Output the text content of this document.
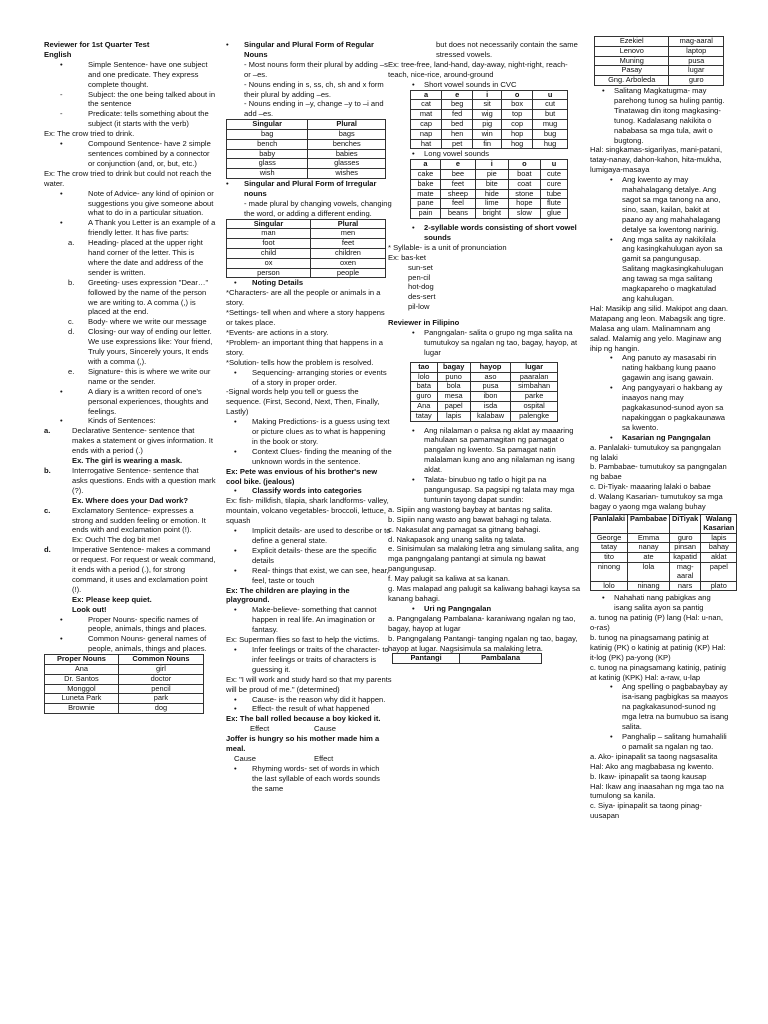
Reviewer for 1st Quarter Test

English

•	Simple Sentence- have one subject and one predicate. They express complete thought.
-	Subject: the one being talked about in the sentence
-	Predicate: tells something about the subject (it starts with the verb)

Ex: The crow tried to drink.

•	Compound Sentence- have 2 simple sentences combined by a connector or conjunction (and, or, but, etc.)

Ex: The crow tried to drink but could not reach the water.

•	Note of Advice- any kind of opinion or suggestions you give someone about what to do in a particular situation.
•	A Thank you Letter is an example of a friendly letter. It has five parts:
a.	Heading- placed at the upper right hand corner of the letter. This is where the date and address of the sender is written.
b.	Greeting- uses expression "Dear…" followed by the name of the person we are writing to. A comma (,) is placed at the end.
c.	Body- where we write our message
d.	Closing- our way of ending our letter. We use expressions like: Your friend, Truly yours, Sincerely yours, It ends with a comma (,).
e.	Signature- this is where we write our name or the sender.
•	A diary is a written record of one's personal experiences, thoughts and feelings.
•	Kinds of Sentences:
a.	Declarative Sentence- sentence that makes a statement or gives information. It ends with a period (.)

Ex. The girl is wearing a mask.

b.	Interrogative Sentence- sentence that asks questions. Ends with a question mark (?).

Ex. Where does your Dad work?

c.	Exclamatory Sentence- expresses a strong and sudden feeling or emotion. It ends with and exclamation point (!).

Ex: Ouch! The dog bit me!

d.	Imperative Sentence- makes a command or request. For request or weak command, it ends with a period (.), for strong command, it uses and exclamation point (!).

Ex: Please keep quiet.

Look out!

•	Proper Nouns- specific names of people, animals, things and places.
•	Common Nouns- general names of people, animals, things and places.
Proper Nouns	Common Nouns
Ana	girl
Dr. Santos	doctor
Monggol	pencil
Luneta Park	park
Brownie	dog
•	Singular and Plural Form of Regular Nouns

- Most nouns form their plural by adding –s or –es.

- Nouns ending in s, ss, ch, sh and x form their plural by adding –es.

- Nouns ending in –y, change –y to –i and add –es.

Singular	Plural
bag	bags
bench	benches
baby	babies
glass	glasses
wish	wishes
•	Singular and Plural Form of Irregular nouns

- made plural by changing vowels, changing the word, or adding a different ending.

Singular	Plural
man	men
foot	feet
child	children
ox	oxen
person	people
•	Noting Details

*Characters- are all the people or animals in a story.

*Settings- tell when and where a story happens or takes place.

*Events- are actions in a story.

*Problem- an important thing that happens in a story.

*Solution- tells how the problem is resolved.

•	Sequencing- arranging stories or events of a story in proper order.

-Signal words help you tell or guess the sequence. (First, Second, Next, Then, Finally, Lastly)

•	Making Predictions- is a guess using text or picture clues as to what is happening in the book or story.
•	Context Clues- finding the meaning of the unknown words in the sentence.

Ex: Pete was envious of his brother's new cool bike. (jealous)

•	Classify words into categories

Ex: fish- milkfish, tilapia, shark landforms- valley, mountain, volcano vegetables- broccoli, lettuce, squash

•	Implicit details- are used to describe or to define a general state.
•	Explicit details- these are the specific details
•	Real- things that exist, we can see, hear, feel, taste or touch

Ex: The children are playing in the playground.

•	Make-believe- something that cannot happen in real life. An imagination or fantasy.

Ex: Superman flies so fast to help the victims.

•	Infer feelings or traits of the character- to infer feelings or traits of characters is guessing it.

Ex: "I will work and study hard so that my parents will be proud of me." (determined)

•	Cause- is the reason why did it happen.
•	Effect- the result of what happened

Ex: The ball rolled because a boy kicked it.

Effect	Cause

Joffer is hungry so his mother made him a meal.

Cause	Effect
•	Rhyming words- set of words in which the last syllable of each words sounds the same

but does not necessarily contain the same stressed vowels.

Ex: tree-free, land-hand, day-away, night-right, reach-teach, nice-rice, around-ground

•	Short vowel sounds in CVC
a	e	i	o	u
cat	beg	sit	box	cut
mat	fed	wig	top	but
cap	bed	pig	cop	mug
nap	hen	win	hop	bug
hat	pet	fin	hog	hug
•	Long vowel sounds
a	e	i	o	u
cake	bee	pie	boat	cute
bake	feet	bite	coat	cure
mate	sheep	hide	stone	tube
pane	feel	lime	hope	flute
pain	beans	bright	slow	glue
•	2-syllable words consisting of short vowel sounds

* Syllable- is a unit of pronunciation

Ex: bas-ket

sun-set

pen-cil

hot-dog

des-sert

pil-low

Reviewer in Filipino

•	Pangngalan- salita o grupo ng mga salita na tumutukoy sa ngalan ng tao, bagay, hayop, at lugar
tao	bagay	hayop	lugar
lolo	puno	aso	paaralan
bata	bola	pusa	simbahan
guro	mesa	ibon	parke
Ana	papel	isda	ospital
tatay	lapis	kalabaw	palengke
•	Ang nilalaman o paksa ng aklat ay maaaring mahulaan sa pamamagitan ng pamagat o pangalan ng kwento. Sa pamagat natin malalaman kung ano ang nilalaman ng isang aklat.
•	Talata- binubuo ng tatlo o higit pa na pangungusap. Sa pagsipi ng talata may mga tuntunin tayong dapat sundin:

a. Sipiin ang wastong baybay at bantas ng salita.

b. Sipiin nang wasto ang bawat bahagi ng talata.

c. Nakasulat ang pamagat sa gitnang bahagi.

d. Nakapasok ang unang salita ng talata.

e. Sinisimulan sa malaking letra ang simulang salita, ang mga pangngalang pantangi at simula ng bawat pangungusap.

f. May palugit sa kaliwa at sa kanan.

g. Mas malapad ang palugit sa kaliwang bahagi kaysa sa kanang bahagi.

•	Uri ng Pangngalan

a. Pangngalang Pambalana- karaniwang ngalan ng tao, bagay, hayop at lugar

b. Pangngalang Pantangi- tanging ngalan ng tao, bagay, hayop at lugar. Nagsisimula sa malaking letra.

Pantangi	Pambalana
Ezekiel	mag-aaral
Lenovo	laptop
Muning	pusa
Pasay	lugar
Gng. Arboleda	guro
•	Salitang Magkatugma- may parehong tunog sa huling pantig. Tinatawag din itong magkasing-tunog. Kadalasang nakikita o nababasa sa mga tula, awit o bugtong.

Hal: singkamas-sigarilyas, mani-patani, tatay-nanay, dahon-kahon, hita-mukha, lumigaya-masaya

•	Ang kwento ay may mahahalagang detalye. Ang sagot sa mga tanong na ano, sino, saan, kailan, bakit at paano ay ang mahahalagang detalye sa kwentong narinig.
•	Ang mga salita ay nakikilala ang kasingkahulugan ayon sa gamit sa pangungusap. Salitang magkasingkahulugan ang tawag sa mga salitang magkapareho o magkatulad ang kahulugan.

Hal: Masikip ang silid. Makipot ang daan. Matapang ang leon. Mabagsik ang tigre. Malasa ang ulam. Malinamnam ang salad. Malamig ang yelo. Maginaw ang ihip ng hangin.

•	Ang panuto ay masasabi rin nating hakbang kung paano gagawin ang isang gawain.
•	Ang pangyayari o hakbang ay inaayos nang may pagkakasunod-sunod ayon sa napakinggan o pagkakaunawa sa kwento.
•	Kasarian ng Pangngalan

a. Panlalaki- tumutukoy sa pangngalan ng lalaki

b. Pambabae- tumutukoy sa pangngalan ng babae

c. Di-Tiyak- maaaring lalaki o babae

d. Walang Kasarian- tumutukoy sa mga bagay o yaong mga walang buhay

Panlalaki	Pambabae	DiTiyak	Walang Kasarian
George	Emma	guro	lapis
tatay	nanay	pinsan	bahay
tito	ate	kapatid	aklat
ninong	lola	mag-aaral	papel
lolo	ninang	nars	plato
•	Nahahati nang pabigkas ang isang salita ayon sa pantig

a. tunog na patinig (P) lang (Hal: u-nan, o-ras)

b. tunog na pinagsamang patinig at katinig (PK) o katinig at patinig (KP) Hal: it-log (PK) pa-yong (KP)

c. tunog na pinagsamang katinig, patinig at katinig (KPK) Hal: a-raw, u-lap

•	Ang spelling o pagbabaybay ay isa-isang pagbigkas sa maayos na pagkakasunod-sunod ng mga letra na bumubuo sa isang salita.
•	Panghalip – salitang humahalili o pamalit sa ngalan ng tao.

a. Ako- ipinapalit sa taong nagsasalita

Hal: Ako ang magbabasa ng kwento.

b. Ikaw- ipinapalit sa taong kausap

Hal: Ikaw ang inaasahan ng mga tao na tumulong sa kanila.

c. Siya- ipinapalit sa taong pinag-uusapan
